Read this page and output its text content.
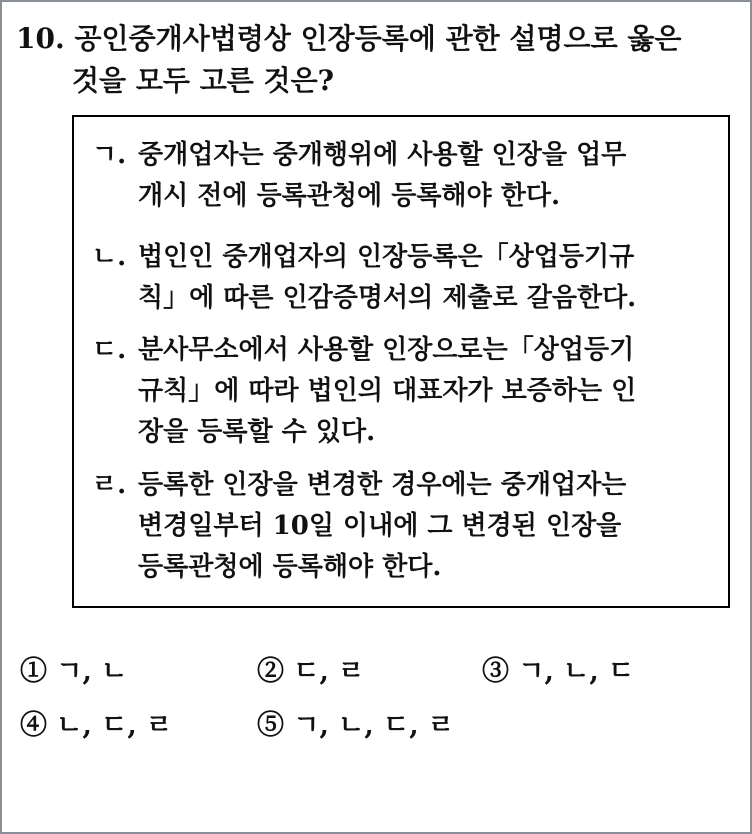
10. 공인중개사법령상 인장등록에 관한 설명으로 옳은
것을 모두 고른 것은?
ㄱ. 중개업자는 중개행위에 사용할 인장을 업무
개시 전에 등록관청에 등록해야 한다.
ㄴ. 법인인 중개업자의 인장등록은「상업등기규
칙」에 따른 인감증명서의 제출로 갈음한다.
ㄷ. 분사무소에서 사용할 인장으로는「상업등기
규칙」에 따라 법인의 대표자가 보증하는 인
장을 등록할 수 있다.
ㄹ. 등록한 인장을 변경한 경우에는 중개업자는
변경일부터 10일 이내에 그 변경된 인장을
등록관청에 등록해야 한다.
① ㄱ, ㄴ	② ㄷ, ㄹ	③ ㄱ, ㄴ, ㄷ
④ ㄴ, ㄷ, ㄹ	⑤ ㄱ, ㄴ, ㄷ, ㄹ
